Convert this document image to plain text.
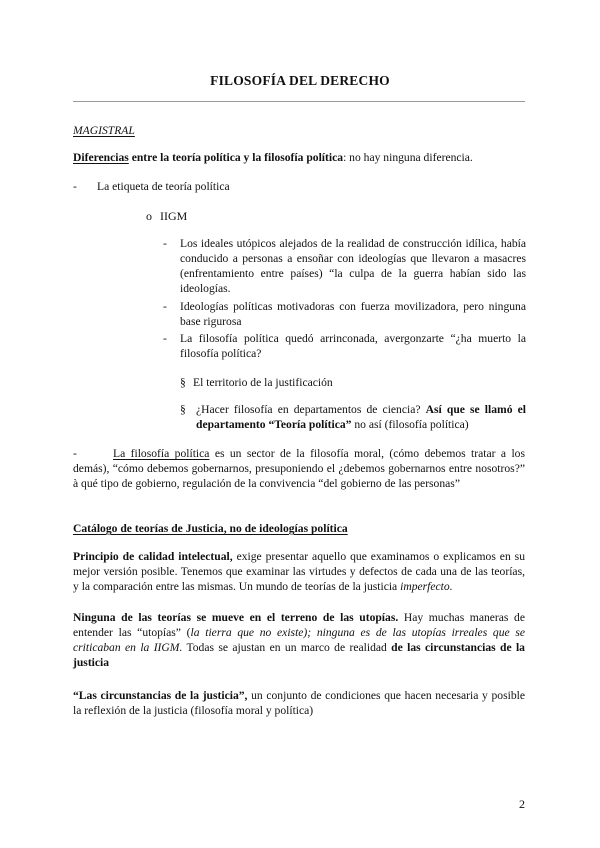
FILOSOFÍA DEL DERECHO
MAGISTRAL
Diferencias entre la teoría política y la filosofía política: no hay ninguna diferencia.
- La etiqueta de teoría política
o IIGM
- Los ideales utópicos alejados de la realidad de construcción idílica, había conducido a personas a ensoñar con ideologías que llevaron a masacres (enfrentamiento entre países) “la culpa de la guerra habían sido las ideologías.
- Ideologías políticas motivadoras con fuerza movilizadora, pero ninguna base rigurosa
- La filosofía política quedó arrinconada, avergonzarte “¿ha muerto la filosofía política?
§ El territorio de la justificación
§ ¿Hacer filosofía en departamentos de ciencia? Así que se llamó el departamento “Teoría política” no así (filosofía política)
-	La filosofía política es un sector de la filosofía moral, (cómo debemos tratar a los demás), “cómo debemos gobernarnos, presuponiendo el ¿debemos gobernarnos entre nosotros?” à qué tipo de gobierno, regulación de la convivencia “del gobierno de las personas”
Catálogo de teorías de Justicia, no de ideologías política
Principio de calidad intelectual, exige presentar aquello que examinamos o explicamos en su mejor versión posible. Tenemos que examinar las virtudes y defectos de cada una de las teorías, y la comparación entre las mismas. Un mundo de teorías de la justicia imperfecto.
Ninguna de las teorías se mueve en el terreno de las utopías. Hay muchas maneras de entender las “utopías” (la tierra que no existe); ninguna es de las utopías irreales que se criticaban en la IIGM. Todas se ajustan en un marco de realidad de las circunstancias de la justicia
“Las circunstancias de la justicia”, un conjunto de condiciones que hacen necesaria y posible la reflexión de la justicia (filosofía moral y política)
2
